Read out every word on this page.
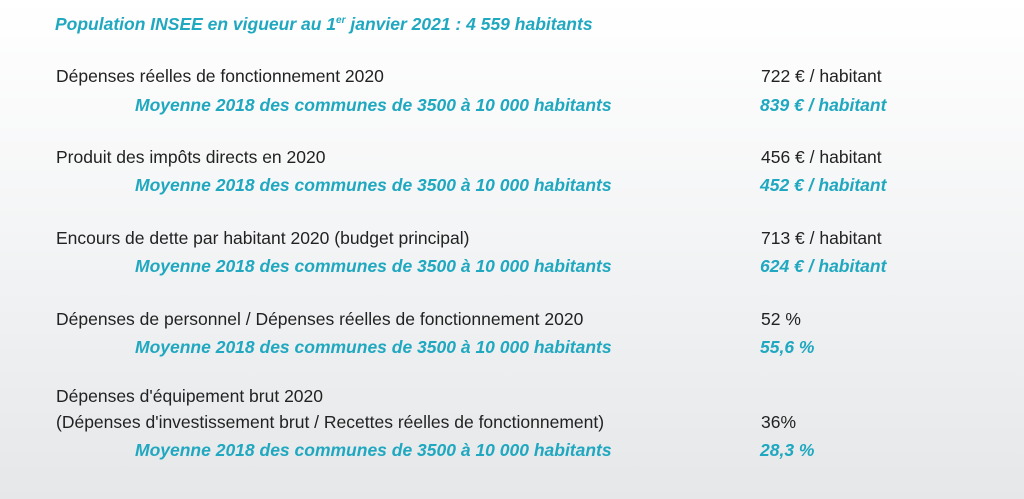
Population INSEE en vigueur au 1er janvier 2021 : 4 559 habitants
Dépenses réelles de fonctionnement 2020	722 € / habitant
Moyenne 2018 des communes de 3500 à 10 000 habitants	839 € / habitant
Produit des impôts directs en 2020	456 € / habitant
Moyenne 2018 des communes de 3500 à 10 000 habitants	452 € / habitant
Encours de dette par habitant 2020 (budget principal)	713 € / habitant
Moyenne 2018 des communes de 3500 à 10 000 habitants	624 € / habitant
Dépenses de personnel / Dépenses réelles de fonctionnement 2020	52 %
Moyenne 2018 des communes de 3500 à 10 000 habitants	55,6 %
Dépenses d'équipement brut 2020
(Dépenses d'investissement brut / Recettes réelles de fonctionnement)	36%
Moyenne 2018 des communes de 3500 à 10 000 habitants	28,3 %
